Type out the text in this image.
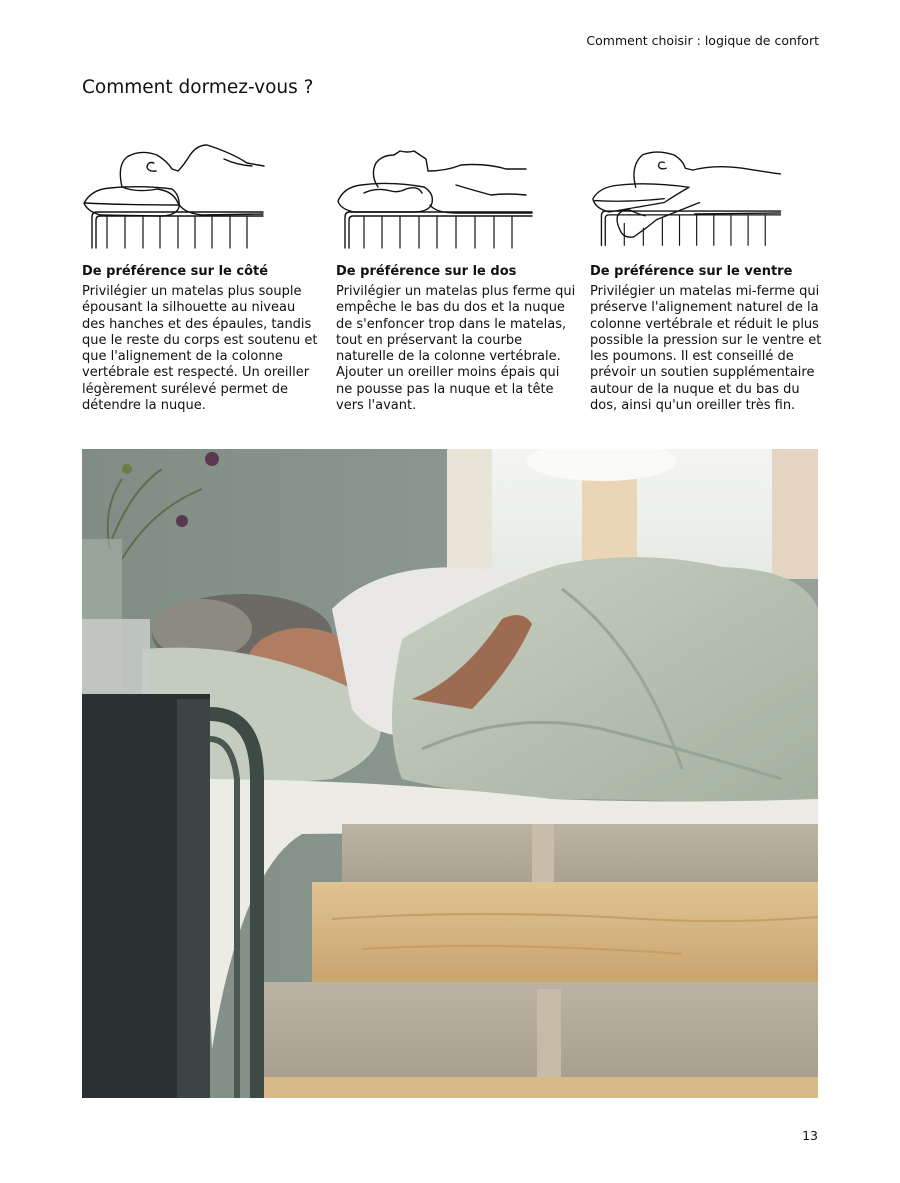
Comment choisir : logique de confort
Comment dormez-vous ?
De préférence sur le côté

Privilégier un matelas plus souple épousant la silhouette au niveau des hanches et des épaules, tandis que le reste du corps est soutenu et que l'alignement de la colonne vertébrale est respecté. Un oreiller légèrement surélevé permet de détendre la nuque.

De préférence sur le dos

Privilégier un matelas plus ferme qui empêche le bas du dos et la nuque de s'enfoncer trop dans le matelas, tout en préservant la courbe naturelle de la colonne vertébrale. Ajouter un oreiller moins épais qui ne pousse pas la nuque et la tête vers l'avant.

De préférence sur le ventre

Privilégier un matelas mi-ferme qui préserve l'alignement naturel de la colonne vertébrale et réduit le plus possible la pression sur le ventre et les poumons. Il est conseillé de prévoir un soutien supplémentaire autour de la nuque et du bas du dos, ainsi qu'un oreiller très fin.

13
